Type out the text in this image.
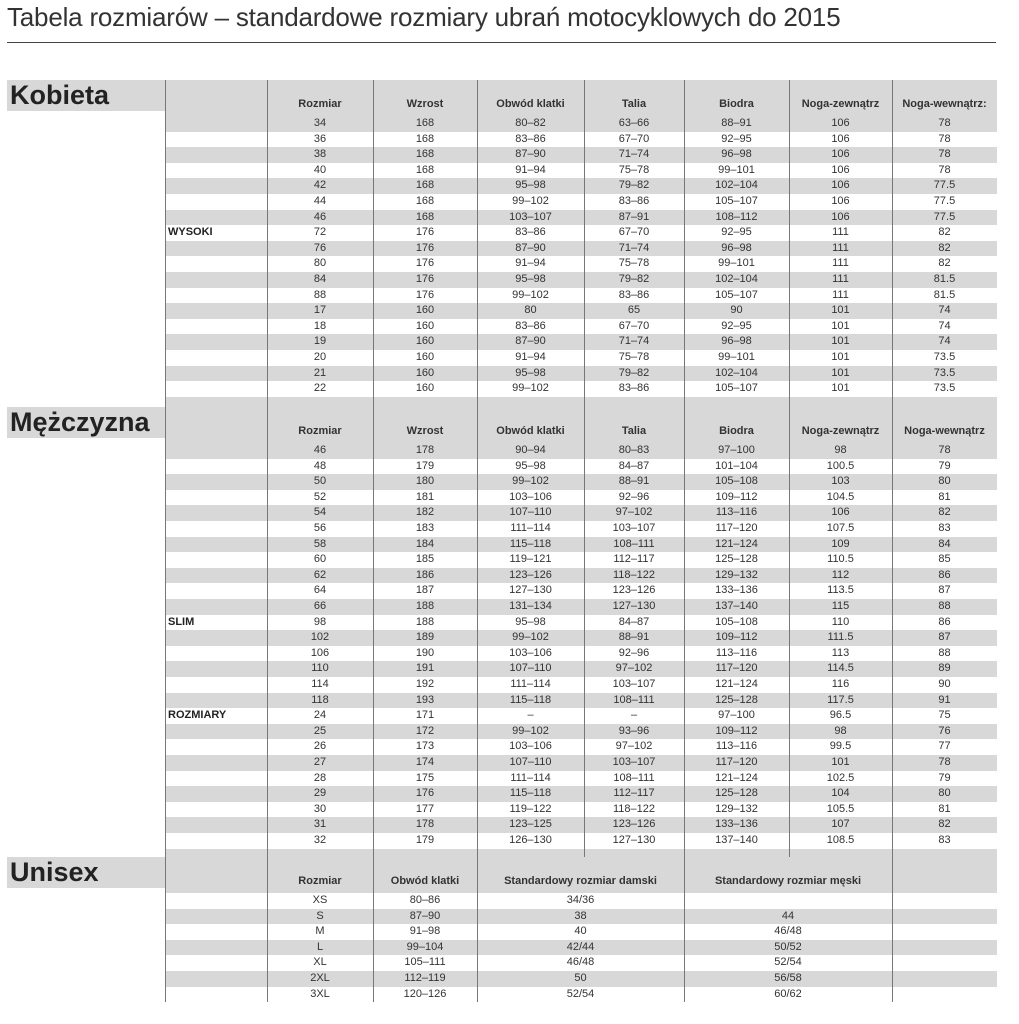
Tabela rozmiarów – standardowe rozmiary ubrań motocyklowych do 2015
Kobieta	Rozmiar	Wzrost	Obwód klatki	Talia	Biodra	Noga-zewnątrz	Noga-wewnątrz:
34	168	80–82	63–66	88–91	106	78
36	168	83–86	67–70	92–95	106	78
38	168	87–90	71–74	96–98	106	78
40	168	91–94	75–78	99–101	106	78
42	168	95–98	79–82	102–104	106	77.5
44	168	99–102	83–86	105–107	106	77.5
46	168	103–107	87–91	108–112	106	77.5
WYSOKI	72	176	83–86	67–70	92–95	111	82
76	176	87–90	71–74	96–98	111	82
80	176	91–94	75–78	99–101	111	82
84	176	95–98	79–82	102–104	111	81.5
88	176	99–102	83–86	105–107	111	81.5
17	160	80	65	90	101	74
18	160	83–86	67–70	92–95	101	74
19	160	87–90	71–74	96–98	101	74
20	160	91–94	75–78	99–101	101	73.5
21	160	95–98	79–82	102–104	101	73.5
22	160	99–102	83–86	105–107	101	73.5
Mężczyzna	Rozmiar	Wzrost	Obwód klatki	Talia	Biodra	Noga-zewnątrz	Noga-wewnątrz
46	178	90–94	80–83	97–100	98	78
48	179	95–98	84–87	101–104	100.5	79
50	180	99–102	88–91	105–108	103	80
52	181	103–106	92–96	109–112	104.5	81
54	182	107–110	97–102	113–116	106	82
56	183	111–114	103–107	117–120	107.5	83
58	184	115–118	108–111	121–124	109	84
60	185	119–121	112–117	125–128	110.5	85
62	186	123–126	118–122	129–132	112	86
64	187	127–130	123–126	133–136	113.5	87
66	188	131–134	127–130	137–140	115	88
SLIM	98	188	95–98	84–87	105–108	110	86
102	189	99–102	88–91	109–112	111.5	87
106	190	103–106	92–96	113–116	113	88
110	191	107–110	97–102	117–120	114.5	89
114	192	111–114	103–107	121–124	116	90
118	193	115–118	108–111	125–128	117.5	91
ROZMIARY	24	171	–	–	97–100	96.5	75
25	172	99–102	93–96	109–112	98	76
26	173	103–106	97–102	113–116	99.5	77
27	174	107–110	103–107	117–120	101	78
28	175	111–114	108–111	121–124	102.5	79
29	176	115–118	112–117	125–128	104	80
30	177	119–122	118–122	129–132	105.5	81
31	178	123–125	123–126	133–136	107	82
32	179	126–130	127–130	137–140	108.5	83
Unisex	Rozmiar	Obwód klatki	Standardowy rozmiar damski	Standardowy rozmiar męski
XS	80–86	34/36
S	87–90	38	44
M	91–98	40	46/48
L	99–104	42/44	50/52
XL	105–111	46/48	52/54
2XL	112–119	50	56/58
3XL	120–126	52/54	60/62
